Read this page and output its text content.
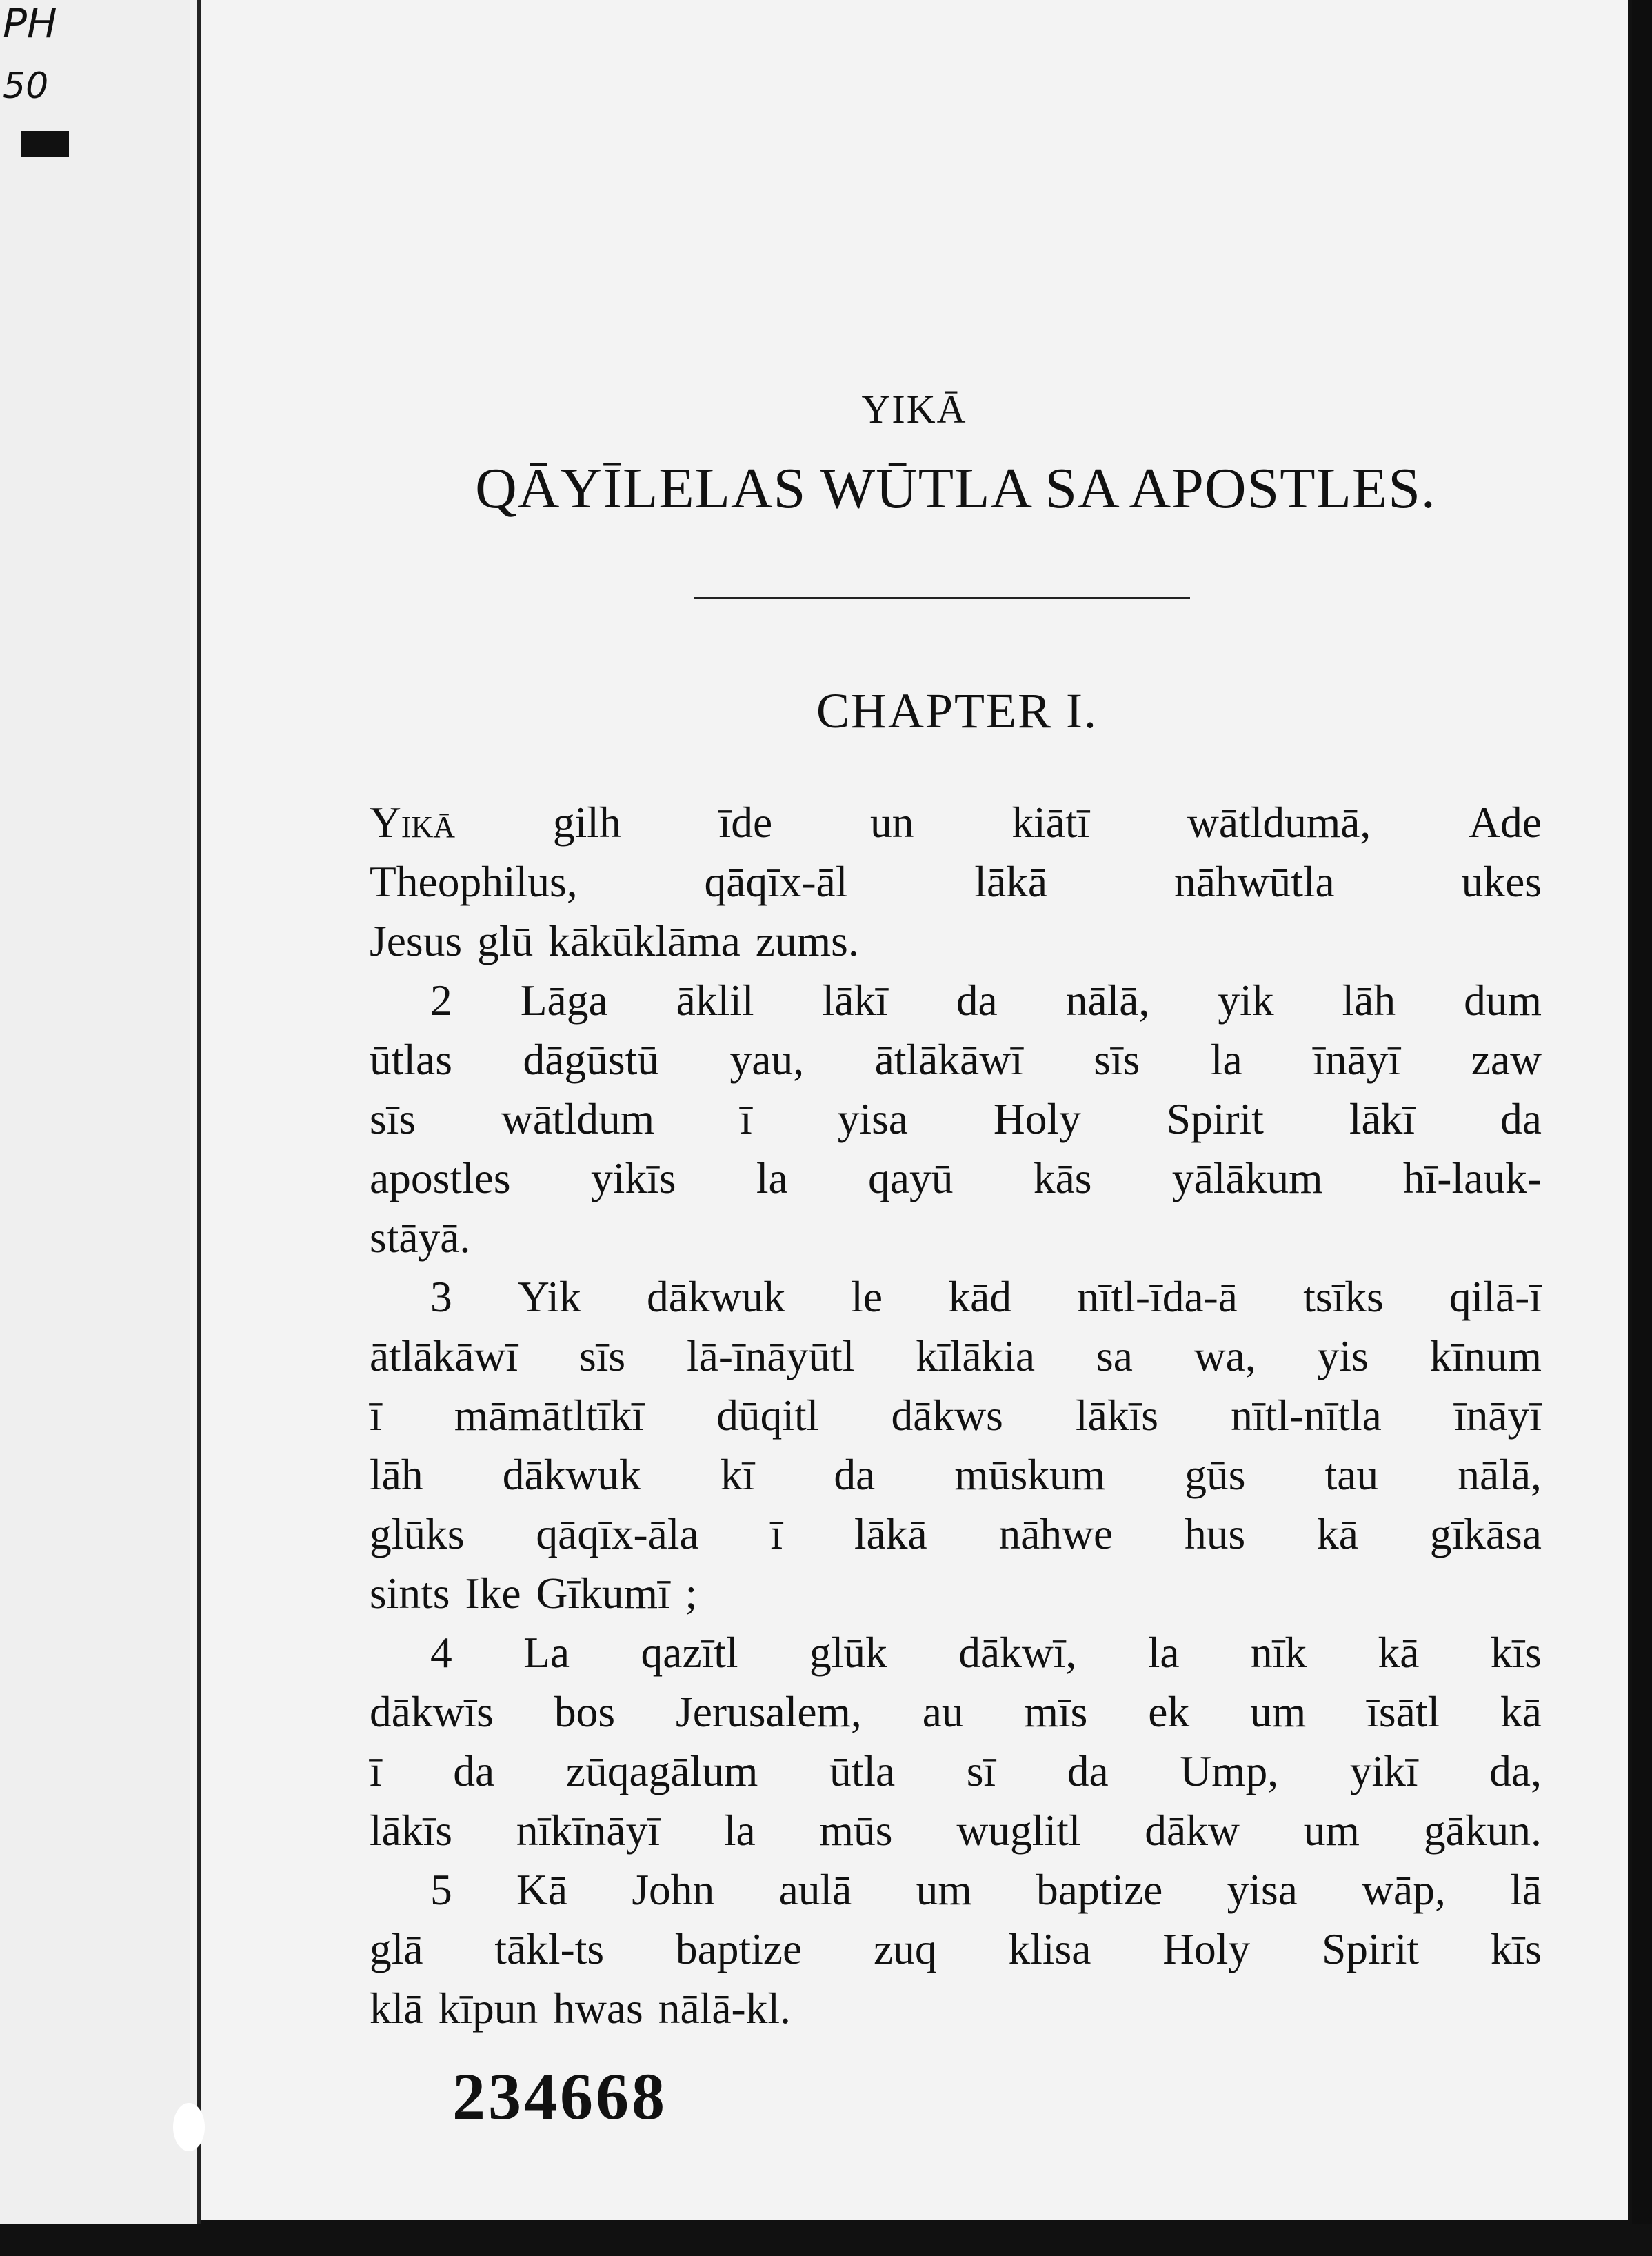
PH
50
YIKĀ
QĀYĪLELAS WŪTLA SA APOSTLES.
CHAPTER I.
Yikā gilh īde un kiātī wātldumā, Ade
Theophilus,	qāqīx-āl	lākā	nāhwūtla	ukes
Jesus glū kākūklāma zums.
2 Lāga āklil lākī da nālā, yik lāh dum
ūtlas dāgūstū yau, ātlākāwī sīs la īnāyī zaw
sīs wātldum ī yisa Holy Spirit lākī da
apostles yikīs la qayū kās yālākum hī-lauk-
stāyā.
3 Yik dākwuk le kād nītl-īda-ā tsīks qilā-ī
ātlākāwī sīs lā-īnāyūtl kīlākia sa wa, yis kīnum
ī māmātltīkī dūqitl dākws lākīs nītl-nītla īnāyī
lāh dākwuk kī da mūskum gūs tau nālā,
glūks qāqīx-āla ī lākā nāhwe hus kā gīkāsa
sints Ike Gīkumī ;
4 La qazītl glūk dākwī, la nīk kā kīs
dākwīs bos Jerusalem, au mīs ek um īsātl kā
ī da zūqagālum ūtla sī da Ump, yikī da,
lākīs nīkīnāyī la mūs wuglitl dākw um gākun.
5 Kā John aulā um baptize yisa wāp, lā
glā tākl-ts baptize zuq klisa Holy Spirit kīs
klā kīpun hwas nālā-kl.
234668
